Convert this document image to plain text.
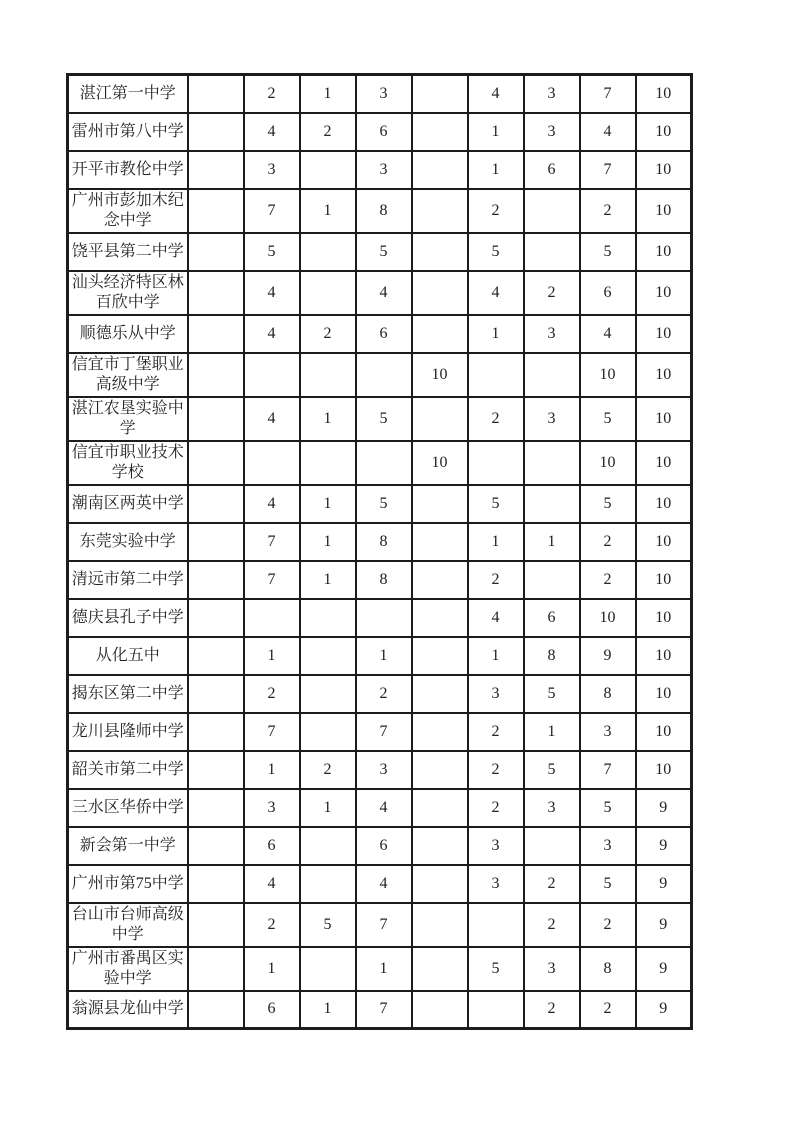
湛江第一中学		2	1	3		4	3	7	10
雷州市第八中学		4	2	6		1	3	4	10
开平市教伦中学		3		3		1	6	7	10
广州市彭加木纪念中学		7	1	8		2		2	10
饶平县第二中学		5		5		5		5	10
汕头经济特区林百欣中学		4		4		4	2	6	10
顺德乐从中学		4	2	6		1	3	4	10
信宜市丁堡职业高级中学					10			10	10
湛江农垦实验中学		4	1	5		2	3	5	10
信宜市职业技术学校					10			10	10
潮南区两英中学		4	1	5		5		5	10
东莞实验中学		7	1	8		1	1	2	10
清远市第二中学		7	1	8		2		2	10
德庆县孔子中学						4	6	10	10
从化五中		1		1		1	8	9	10
揭东区第二中学		2		2		3	5	8	10
龙川县隆师中学		7		7		2	1	3	10
韶关市第二中学		1	2	3		2	5	7	10
三水区华侨中学		3	1	4		2	3	5	9
新会第一中学		6		6		3		3	9
广州市第75中学		4		4		3	2	5	9
台山市台师高级中学		2	5	7			2	2	9
广州市番禺区实验中学		1		1		5	3	8	9
翁源县龙仙中学		6	1	7			2	2	9
